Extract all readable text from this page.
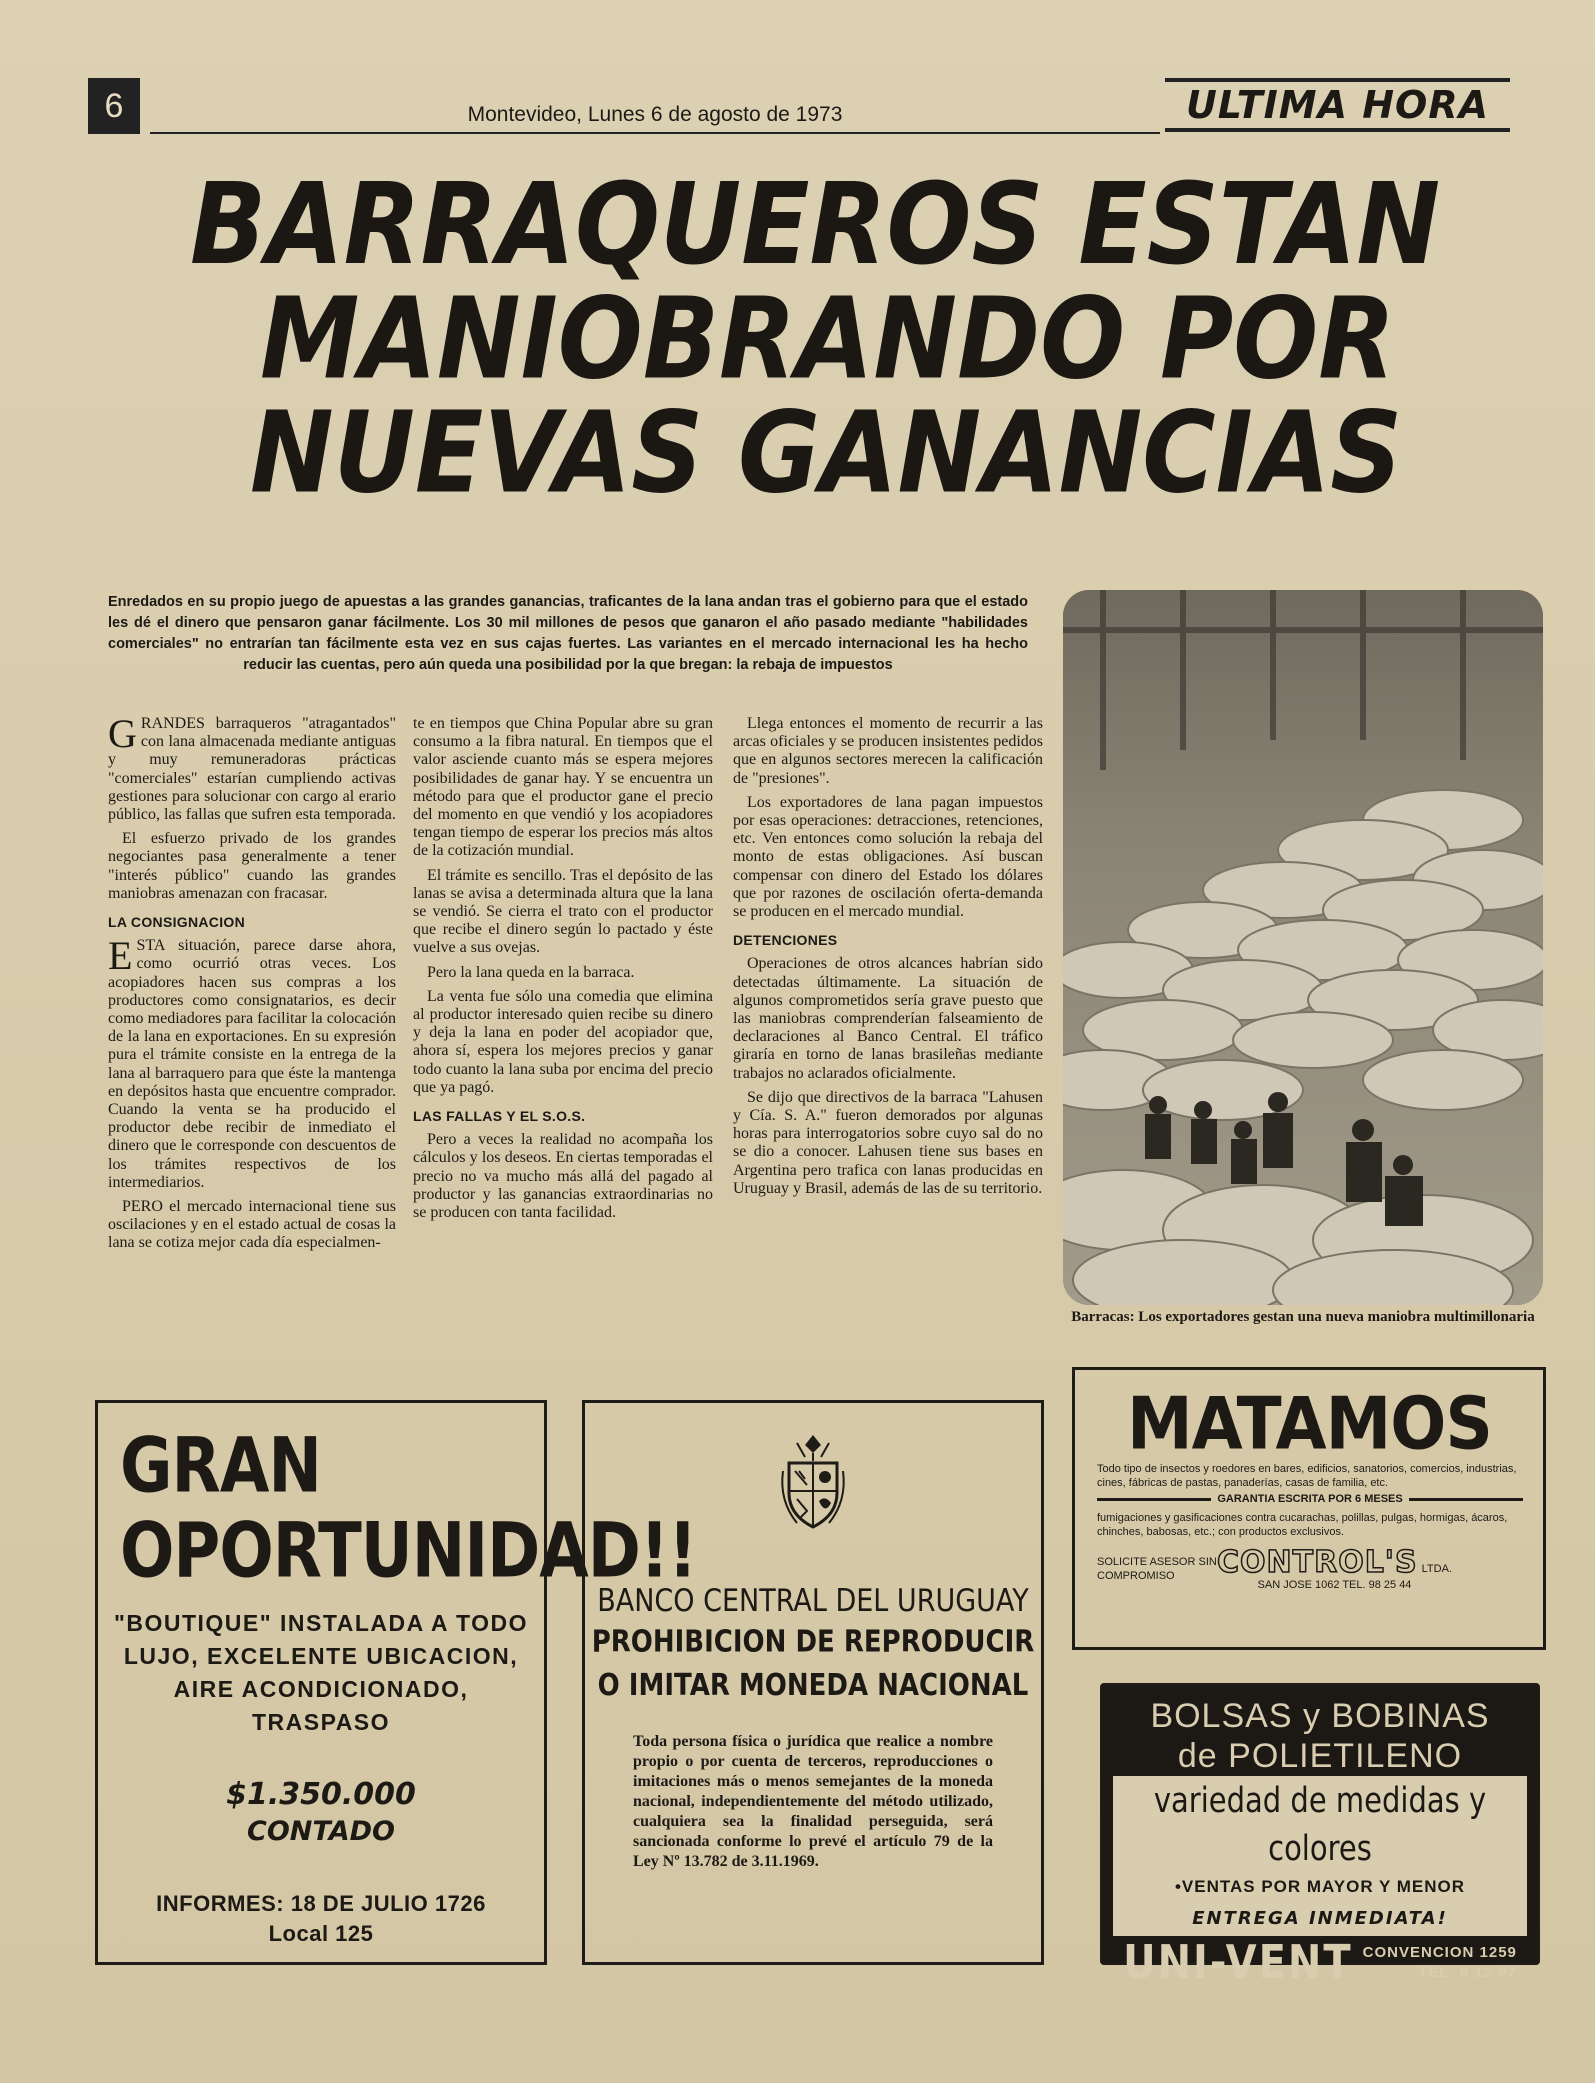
6	Montevideo, Lunes 6 de agosto de 1973	ULTIMA HORA
BARRAQUEROS ESTAN
MANIOBRANDO POR
NUEVAS GANANCIAS
Enredados en su propio juego de apuestas a las grandes ganancias, traficantes de la lana andan tras el gobierno para que el estado les dé el dinero que pensaron ganar fácilmente. Los 30 mil millones de pesos que ganaron el año pasado mediante "habilidades comerciales" no entrarían tan fácilmente esta vez en sus cajas fuertes. Las variantes en el mercado internacional les ha hecho reducir las cuentas, pero aún queda una posibilidad por la que bregan: la rebaja de impuestos

GRANDES barraqueros "atragantados" con lana almacenada mediante antiguas y muy remuneradoras prácticas "comerciales" estarían cumpliendo activas gestiones para solucionar con cargo al erario público, las fallas que sufren esta temporada.

El esfuerzo privado de los grandes negociantes pasa generalmente a tener "interés público" cuando las grandes maniobras amenazan con fracasar.

LA CONSIGNACION

ESTA situación, parece darse ahora, como ocurrió otras veces. Los acopiadores hacen sus compras a los productores como consignatarios, es decir como mediadores para facilitar la colocación de la lana en exportaciones. En su expresión pura el trámite consiste en la entrega de la lana al barraquero para que éste la mantenga en depósitos hasta que encuentre comprador. Cuando la venta se ha producido el productor debe recibir de inmediato el dinero que le corresponde con descuentos de los trámites respectivos de los intermediarios.

PERO el mercado internacional tiene sus oscilaciones y en el estado actual de cosas la lana se cotiza mejor cada día especialmen-

te en tiempos que China Popular abre su gran consumo a la fibra natural. En tiempos que el valor asciende cuanto más se espera mejores posibilidades de ganar hay. Y se encuentra un método para que el productor gane el precio del momento en que vendió y los acopiadores tengan tiempo de esperar los precios más altos de la cotización mundial.

El trámite es sencillo. Tras el depósito de las lanas se avisa a determinada altura que la lana se vendió. Se cierra el trato con el productor que recibe el dinero según lo pactado y éste vuelve a sus ovejas.

Pero la lana queda en la barraca.

La venta fue sólo una comedia que elimina al productor interesado quien recibe su dinero y deja la lana en poder del acopiador que, ahora sí, espera los mejores precios y ganar todo cuanto la lana suba por encima del precio que ya pagó.

LAS FALLAS Y EL S.O.S.

Pero a veces la realidad no acompaña los cálculos y los deseos. En ciertas temporadas el precio no va mucho más allá del pagado al productor y las ganancias extraordinarias no se producen con tanta facilidad.

Llega entonces el momento de recurrir a las arcas oficiales y se producen insistentes pedidos que en algunos sectores merecen la calificación de "presiones".

Los exportadores de lana pagan impuestos por esas operaciones: detracciones, retenciones, etc. Ven entonces como solución la rebaja del monto de estas obligaciones. Así buscan compensar con dinero del Estado los dólares que por razones de oscilación oferta-demanda se producen en el mercado mundial.

DETENCIONES

Operaciones de otros alcances habrían sido detectadas últimamente. La situación de algunos comprometidos sería grave puesto que las maniobras comprenderían falseamiento de declaraciones al Banco Central. El tráfico giraría en torno de lanas brasileñas mediante trabajos no aclarados oficialmente.

Se dijo que directivos de la barraca "Lahusen y Cía. S. A." fueron demorados por algunas horas para interrogatorios sobre cuyo sal do no se dio a conocer. Lahusen tiene sus bases en Argentina pero trafica con lanas producidas en Uruguay y Brasil, además de las de su territorio.

Barracas: Los exportadores gestan una nueva maniobra multimillonaria
GRAN
OPORTUNIDAD!!
"BOUTIQUE" INSTALADA A TODO
LUJO, EXCELENTE UBICACION,
AIRE ACONDICIONADO,
TRASPASO
$1.350.000
CONTADO
INFORMES: 18 DE JULIO 1726
Local 125
BANCO CENTRAL DEL URUGUAY
PROHIBICION DE REPRODUCIR
O IMITAR MONEDA NACIONAL
Toda persona física o jurídica que realice a nombre propio o por cuenta de terceros, reproducciones o imitaciones más o menos semejantes de la moneda nacional, independientemente del método utilizado, cualquiera sea la finalidad perseguida, será sancionada conforme lo prevé el artículo 79 de la Ley Nº 13.782 de 3.11.1969.
MATAMOS
Todo tipo de insectos y roedores en bares, edificios, sanatorios, comercios, industrias, cines, fábricas de pastas, panaderías, casas de familia, etc.
GARANTIA ESCRITA POR 6 MESES
fumigaciones y gasificaciones contra cucarachas, polillas, pulgas, hormigas, ácaros, chinches, babosas, etc.; con productos exclusivos.
SOLICITE ASESOR SIN COMPROMISO	CONTROL'S LTDA.
SAN JOSE 1062 TEL. 98 25 44
BOLSAS y BOBINAS
de POLIETILENO
variedad de medidas y colores
•VENTAS POR MAYOR Y MENOR
ENTREGA INMEDIATA!
UNI-VENT CONVENCION 1259
TEL. 8 12 97
